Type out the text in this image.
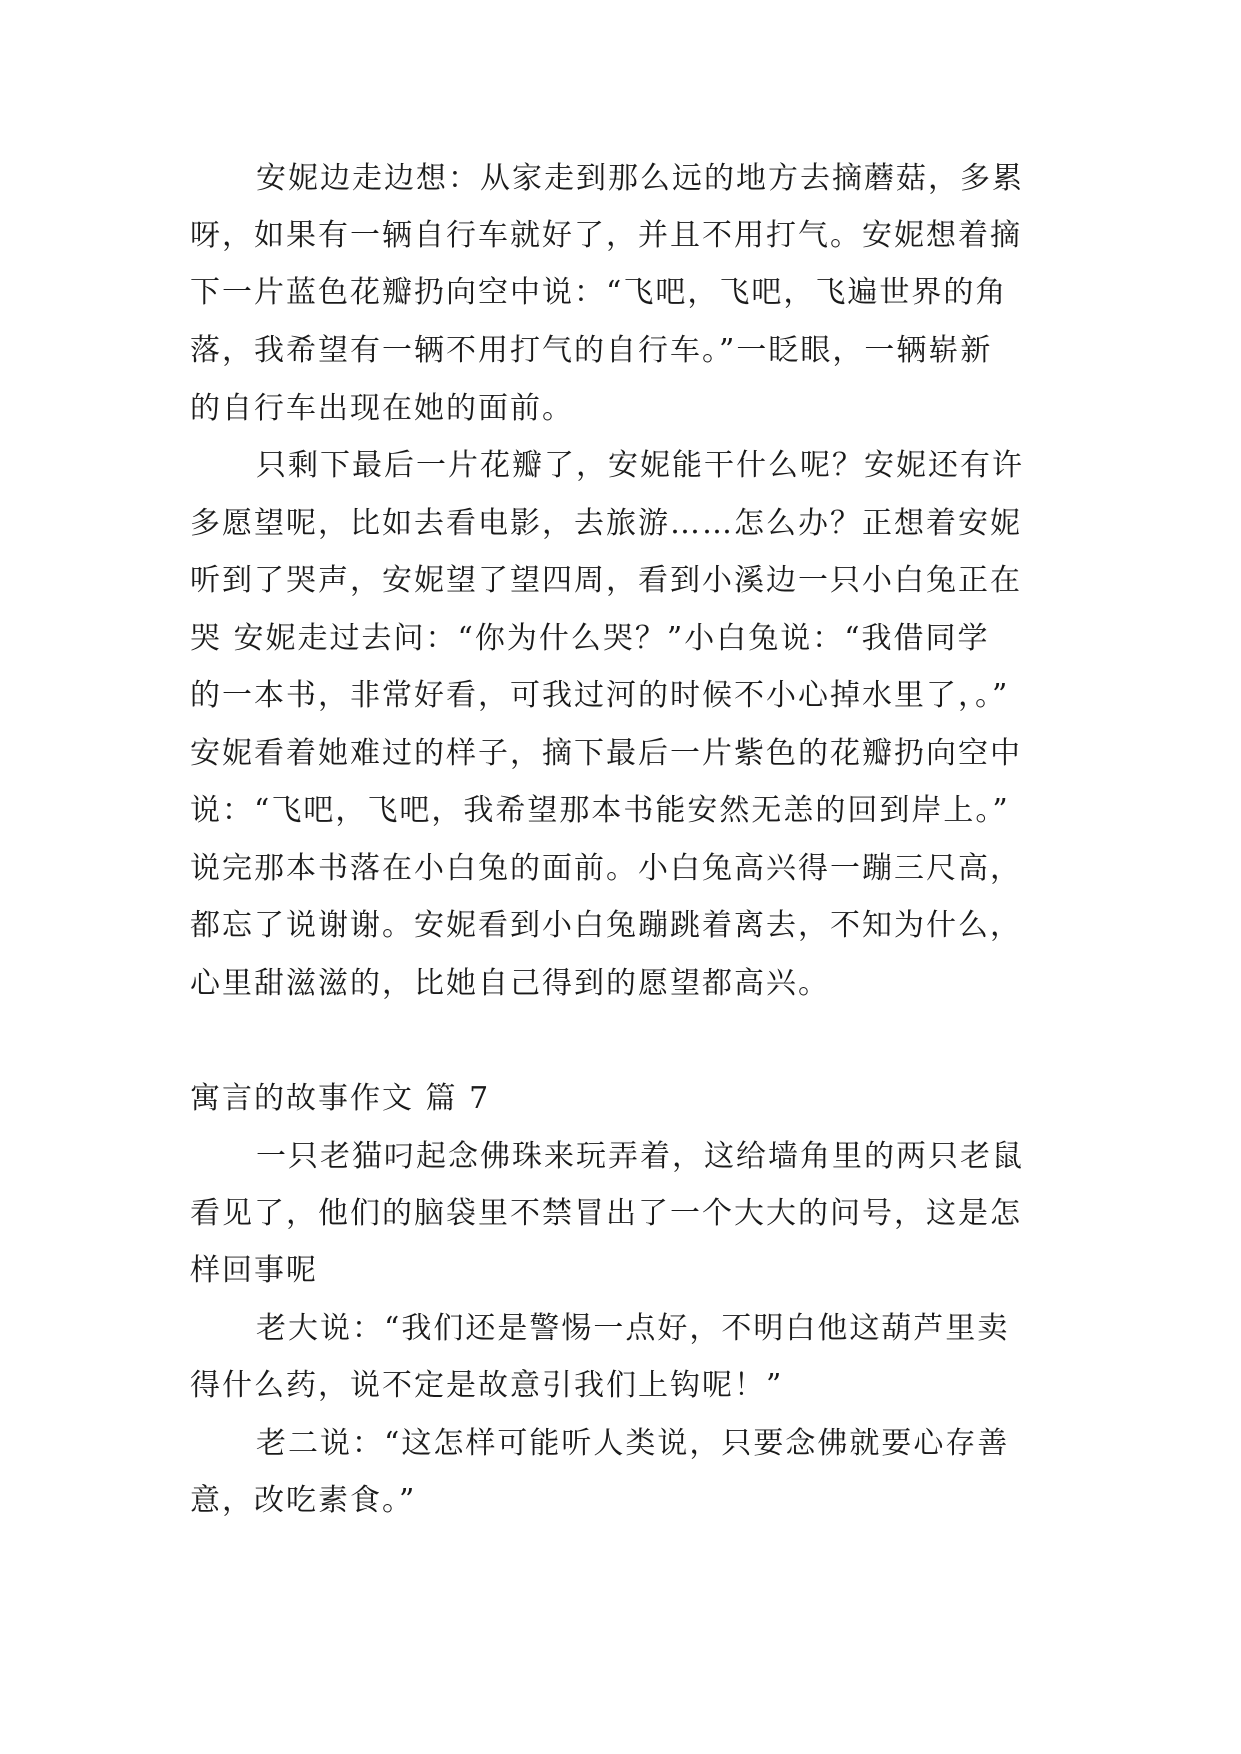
安妮边走边想：从家走到那么远的地方去摘蘑菇，多累
呀，如果有一辆自行车就好了，并且不用打气。安妮想着摘
下一片蓝色花瓣扔向空中说：“飞吧，飞吧，飞遍世界的角
落，我希望有一辆不用打气的自行车。”一眨眼，一辆崭新
的自行车出现在她的面前。
只剩下最后一片花瓣了，安妮能干什么呢？安妮还有许
多愿望呢，比如去看电影，去旅游……怎么办？正想着安妮
听到了哭声，安妮望了望四周，看到小溪边一只小白兔正在
哭 安妮走过去问：“你为什么哭？”小白兔说：“我借同学
的一本书，非常好看，可我过河的时候不小心掉水里了，。”
安妮看着她难过的样子，摘下最后一片紫色的花瓣扔向空中
说：“飞吧，飞吧，我希望那本书能安然无恙的回到岸上。”
说完那本书落在小白兔的面前。小白兔高兴得一蹦三尺高，
都忘了说谢谢。安妮看到小白兔蹦跳着离去，不知为什么，
心里甜滋滋的，比她自己得到的愿望都高兴。
寓言的故事作文 篇 7
一只老猫叼起念佛珠来玩弄着，这给墙角里的两只老鼠
看见了，他们的脑袋里不禁冒出了一个大大的问号，这是怎
样回事呢
老大说：“我们还是警惕一点好，不明白他这葫芦里卖
得什么药，说不定是故意引我们上钩呢！”
老二说：“这怎样可能听人类说，只要念佛就要心存善
意，改吃素食。”
